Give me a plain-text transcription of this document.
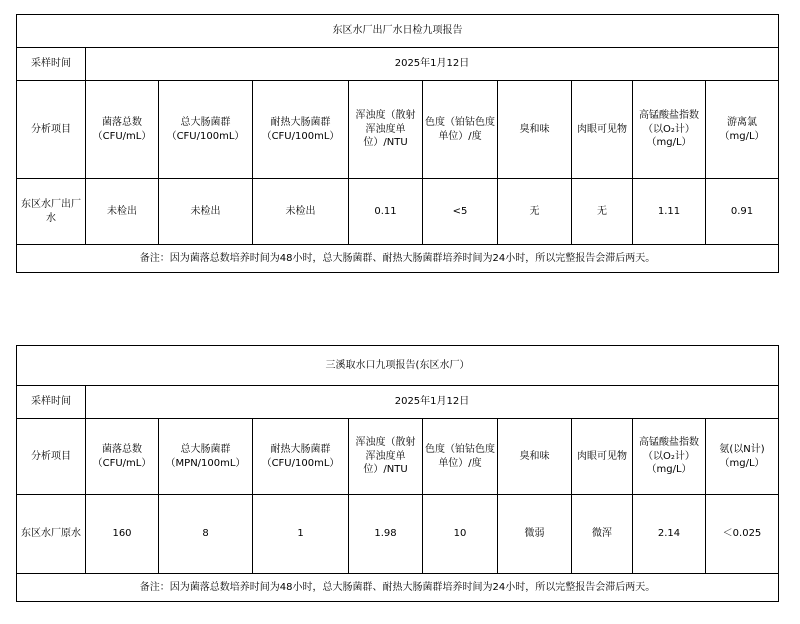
东区水厂出厂水日检九项报告									
采样时间	2025年1月12日								
分析项目	菌落总数（CFU/mL）	总大肠菌群（CFU/100mL）	耐热大肠菌群（CFU/100mL）	浑浊度（散射浑浊度单位）/NTU	色度（铂钴色度单位）/度	臭和味	肉眼可见物	高锰酸盐指数（以O₂计）（mg/L）	游离氯（mg/L）
东区水厂出厂水	未检出	未检出	未检出	0.11	<5	无	无	1.11	0.91
备注：因为菌落总数培养时间为48小时，总大肠菌群、耐热大肠菌群培养时间为24小时，所以完整报告会滞后两天。									
三溪取水口九项报告(东区水厂）									
采样时间	2025年1月12日								
分析项目	菌落总数（CFU/mL）	总大肠菌群（MPN/100mL）	耐热大肠菌群（CFU/100mL）	浑浊度（散射浑浊度单位）/NTU	色度（铂钴色度单位）/度	臭和味	肉眼可见物	高锰酸盐指数（以O₂计）（mg/L）	氨(以N计)（mg/L）
东区水厂原水	160	8	1	1.98	10	微弱	微浑	2.14	＜0.025
备注：因为菌落总数培养时间为48小时，总大肠菌群、耐热大肠菌群培养时间为24小时，所以完整报告会滞后两天。									
